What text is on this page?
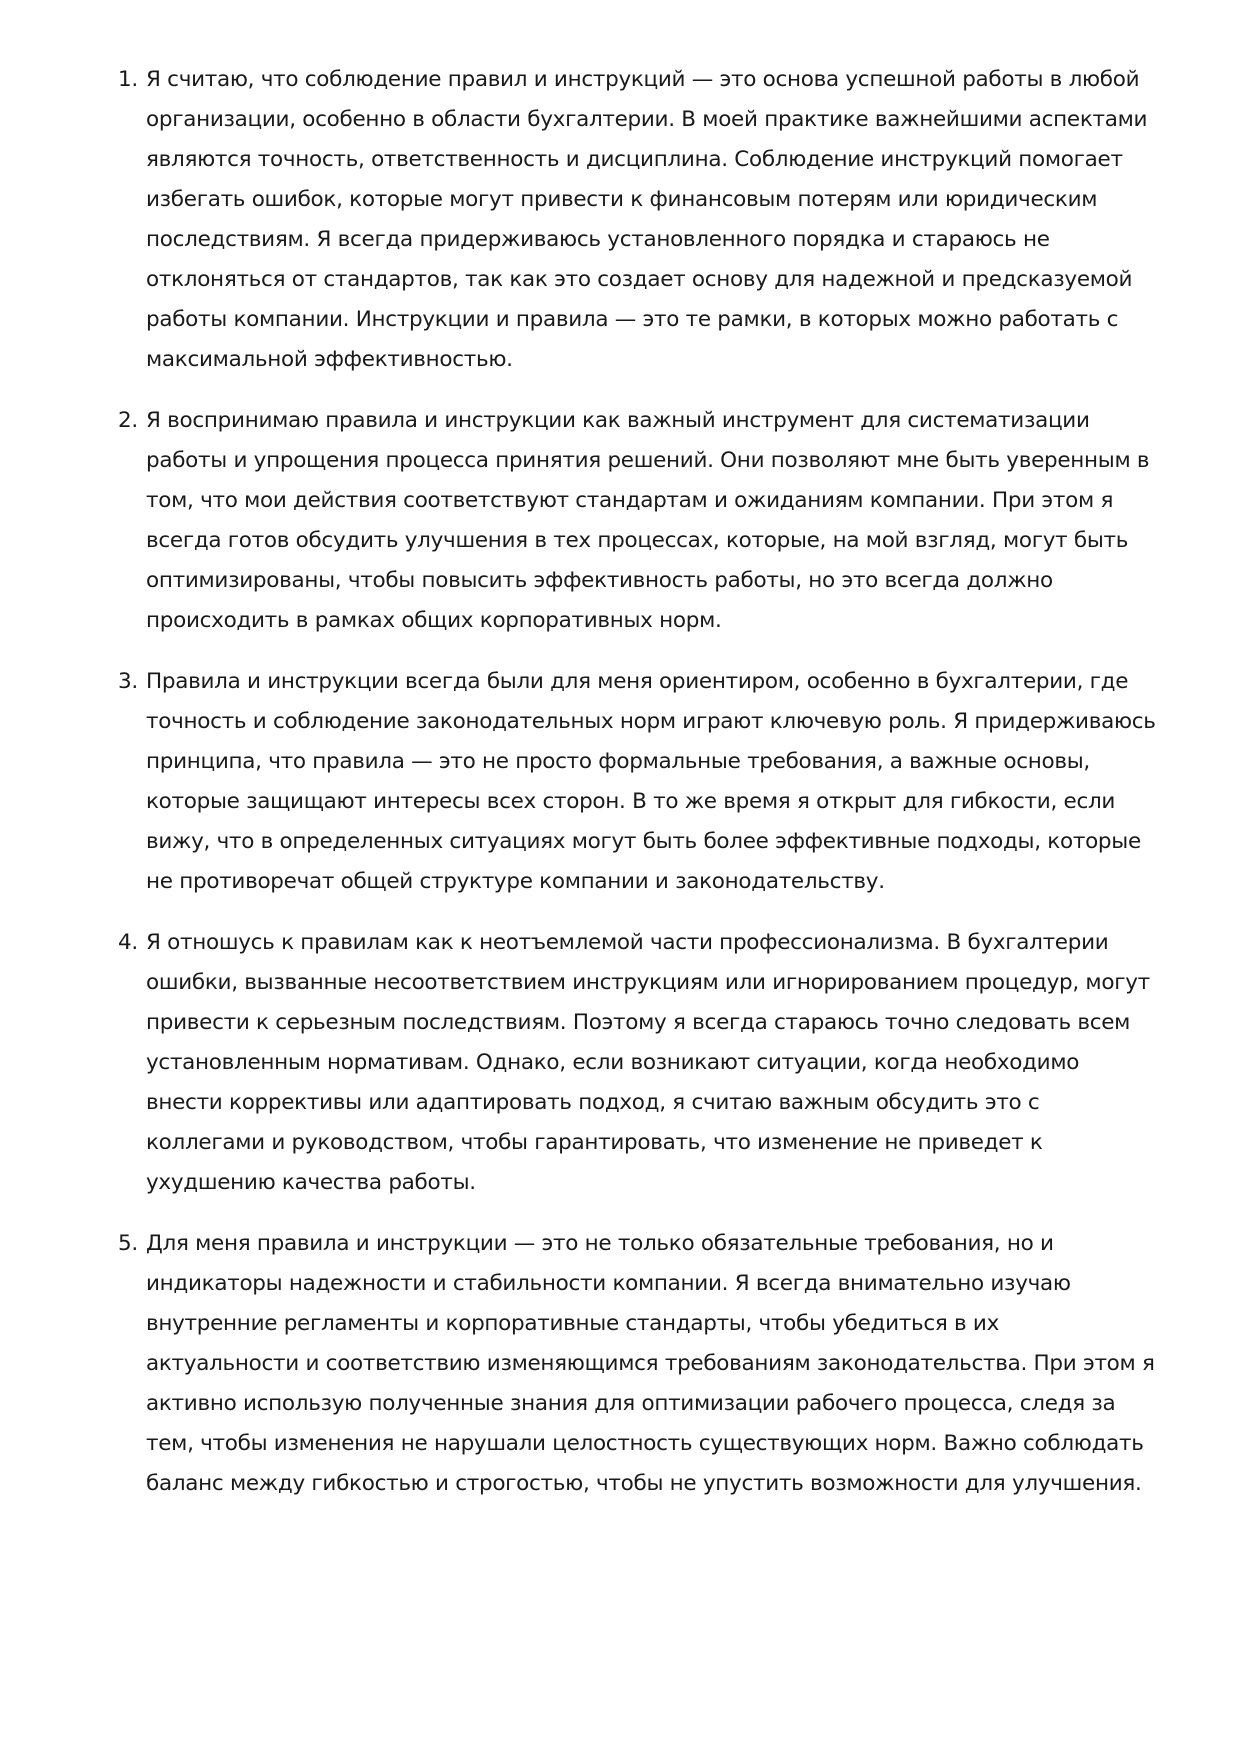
1. Я считаю, что соблюдение правил и инструкций — это основа успешной работы в любой организации, особенно в области бухгалтерии. В моей практике важнейшими аспектами являются точность, ответственность и дисциплина. Соблюдение инструкций помогает избегать ошибок, которые могут привести к финансовым потерям или юридическим последствиям. Я всегда придерживаюсь установленного порядка и стараюсь не отклоняться от стандартов, так как это создает основу для надежной и предсказуемой работы компании. Инструкции и правила — это те рамки, в которых можно работать с максимальной эффективностью.
2. Я воспринимаю правила и инструкции как важный инструмент для систематизации работы и упрощения процесса принятия решений. Они позволяют мне быть уверенным в том, что мои действия соответствуют стандартам и ожиданиям компании. При этом я всегда готов обсудить улучшения в тех процессах, которые, на мой взгляд, могут быть оптимизированы, чтобы повысить эффективность работы, но это всегда должно происходить в рамках общих корпоративных норм.
3. Правила и инструкции всегда были для меня ориентиром, особенно в бухгалтерии, где точность и соблюдение законодательных норм играют ключевую роль. Я придерживаюсь принципа, что правила — это не просто формальные требования, а важные основы, которые защищают интересы всех сторон. В то же время я открыт для гибкости, если вижу, что в определенных ситуациях могут быть более эффективные подходы, которые не противоречат общей структуре компании и законодательству.
4. Я отношусь к правилам как к неотъемлемой части профессионализма. В бухгалтерии ошибки, вызванные несоответствием инструкциям или игнорированием процедур, могут привести к серьезным последствиям. Поэтому я всегда стараюсь точно следовать всем установленным нормативам. Однако, если возникают ситуации, когда необходимо внести коррективы или адаптировать подход, я считаю важным обсудить это с коллегами и руководством, чтобы гарантировать, что изменение не приведет к ухудшению качества работы.
5. Для меня правила и инструкции — это не только обязательные требования, но и индикаторы надежности и стабильности компании. Я всегда внимательно изучаю внутренние регламенты и корпоративные стандарты, чтобы убедиться в их актуальности и соответствию изменяющимся требованиям законодательства. При этом я активно использую полученные знания для оптимизации рабочего процесса, следя за тем, чтобы изменения не нарушали целостность существующих норм. Важно соблюдать баланс между гибкостью и строгостью, чтобы не упустить возможности для улучшения.
